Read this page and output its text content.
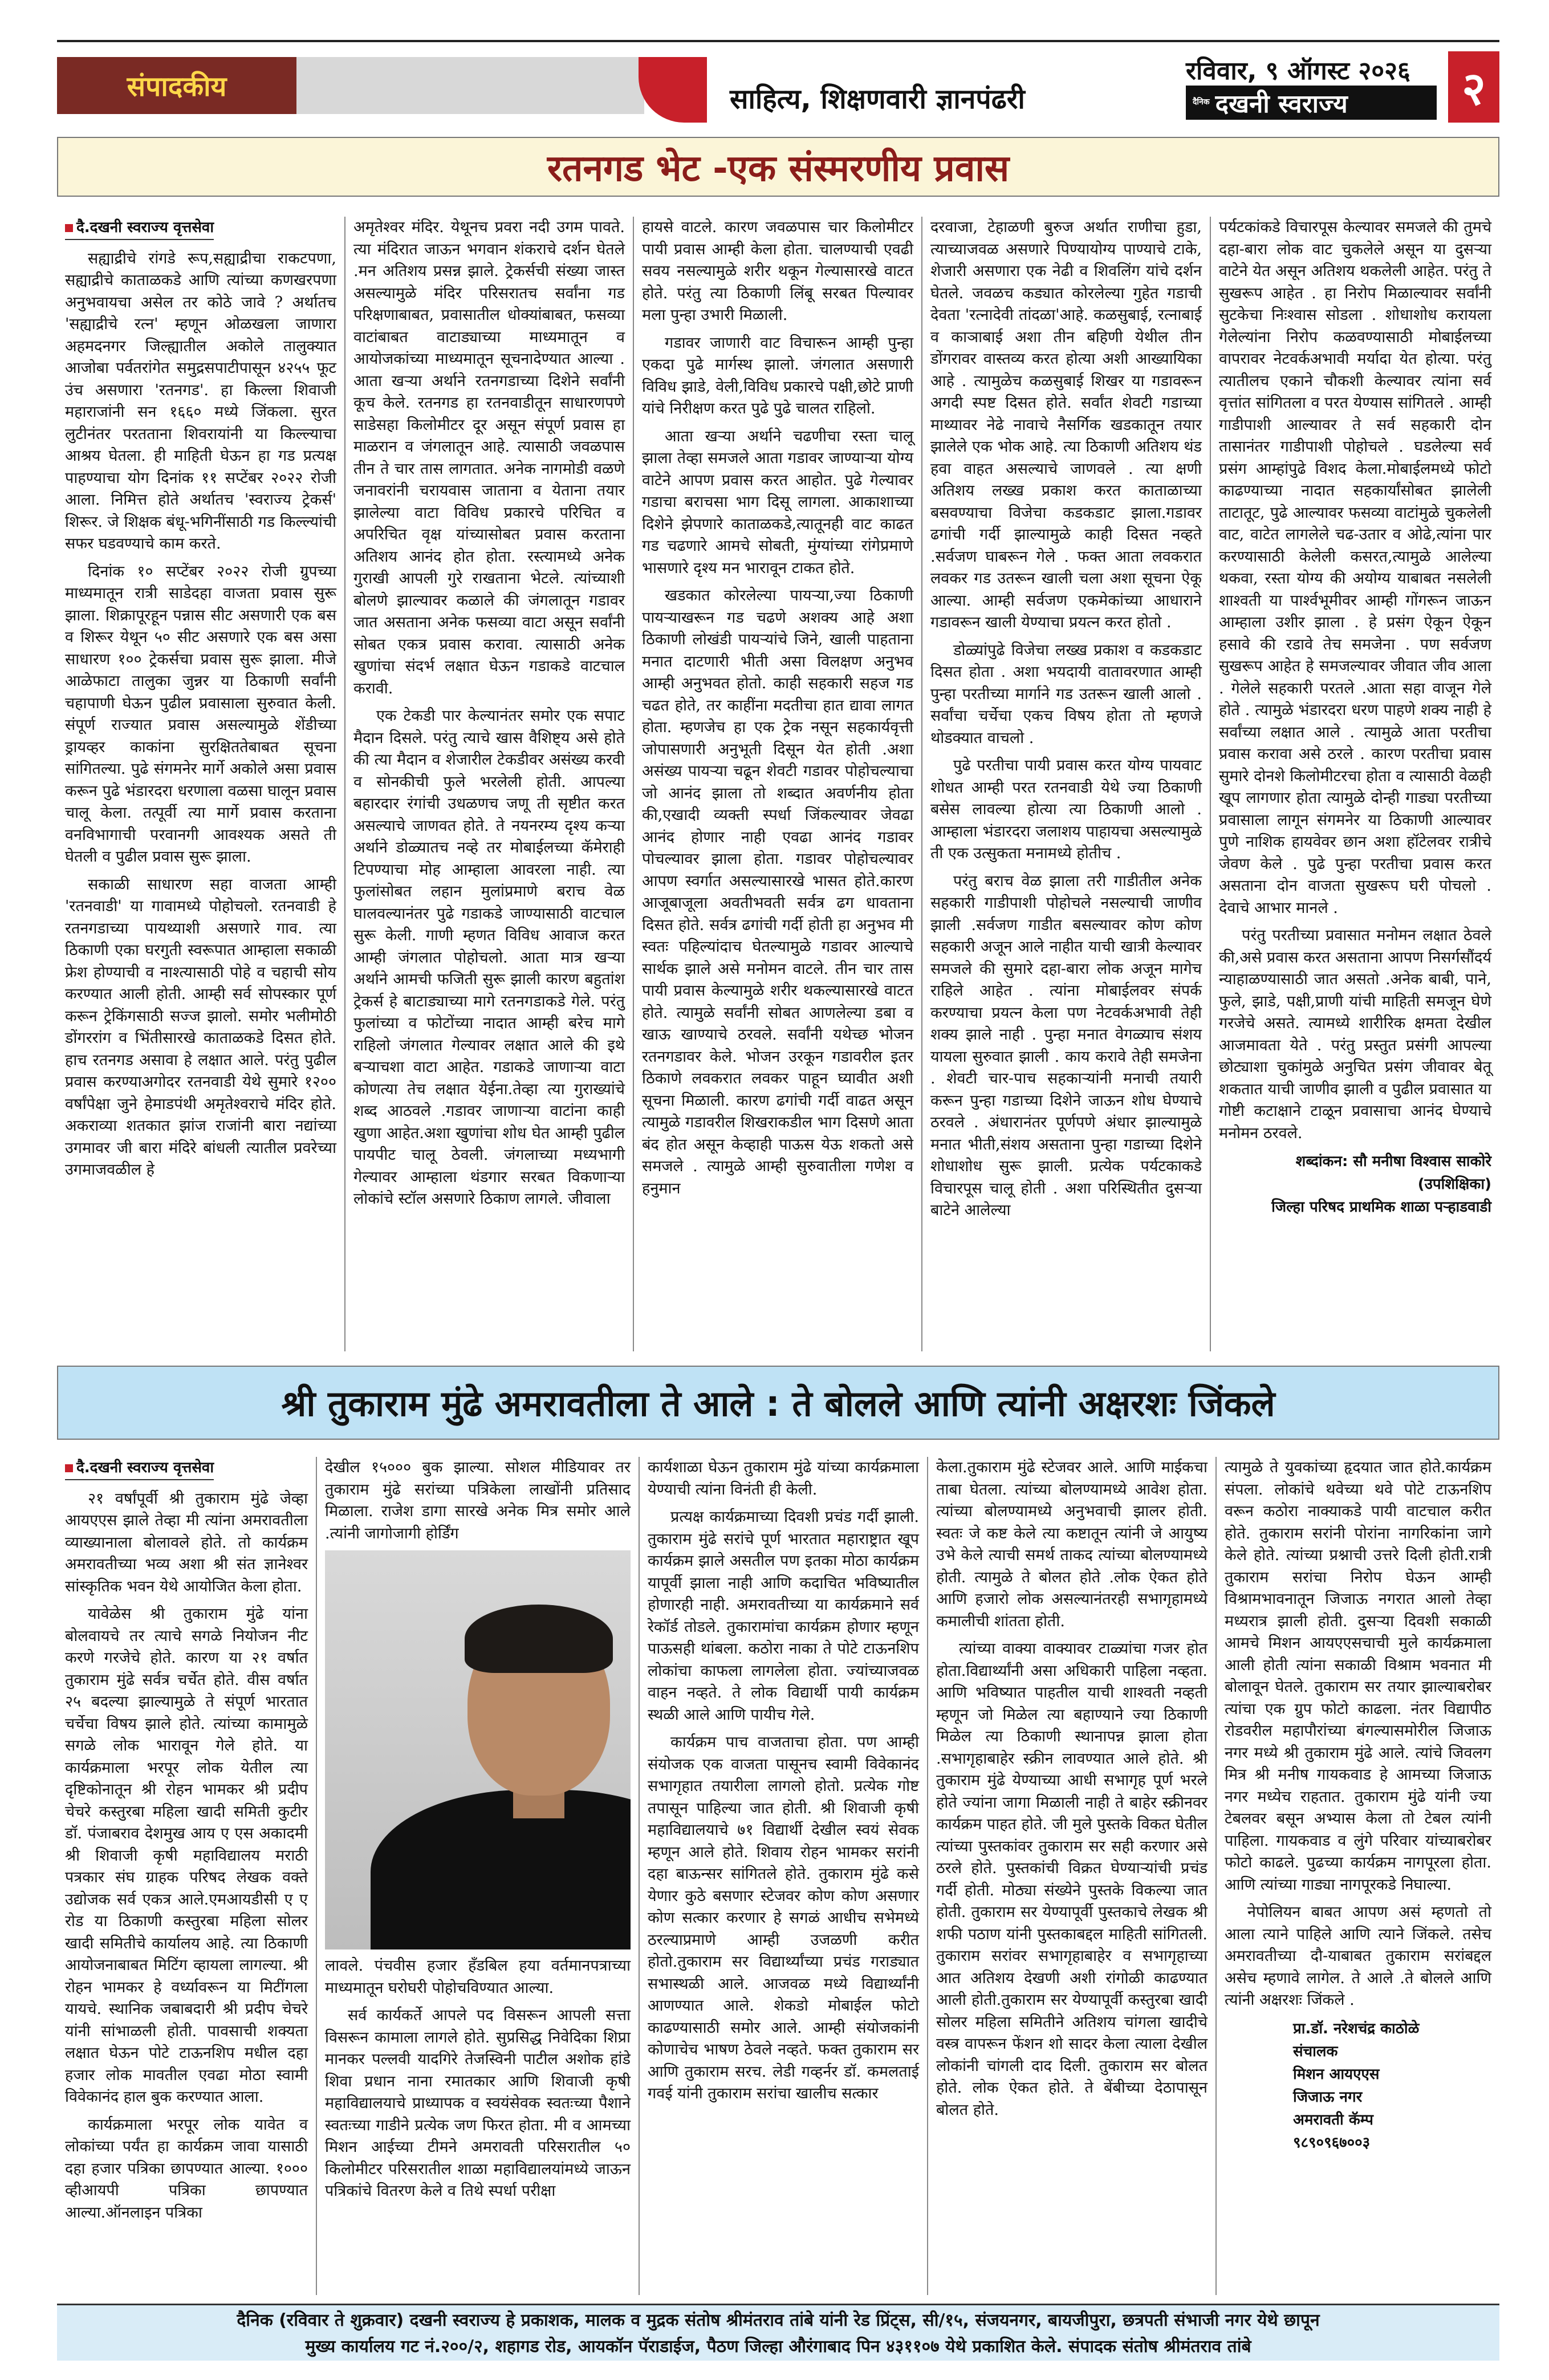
संपादकीय	साहित्य, शिक्षणवारी ज्ञानपंढरी
रविवार, ९ ऑगस्ट २०२६
दैनिक दखनी स्वराज्य	२
रतनगड भेट -एक संस्मरणीय प्रवास
दै.दखनी स्वराज्य वृत्तसेवा

सह्याद्रीचे रांगडे रूप,सह्याद्रीचा राकटपणा, सह्याद्रीचे काताळकडे आणि त्यांच्या कणखरपणा अनुभवायचा असेल तर कोठे जावे ? अर्थातच 'सह्याद्रीचे रत्न' म्हणून ओळखला जाणारा अहमदनगर जिल्ह्यातील अकोले तालुक्यात आजोबा पर्वतरांगेत समुद्रसपाटीपासून ४२५५ फूट उंच असणारा 'रतनगड'. हा किल्ला शिवाजी महाराजांनी सन १६६० मध्ये जिंकला. सुरत लुटीनंतर परतताना शिवरायांनी या किल्ल्याचा आश्रय घेतला. ही माहिती घेऊन हा गड प्रत्यक्ष पाहण्याचा योग दिनांक ११ सप्टेंबर २०२२ रोजी आला. निमित्त होते अर्थातच 'स्वराज्य ट्रेकर्स' शिरूर. जे शिक्षक बंधू-भगिनींसाठी गड किल्ल्यांची सफर घडवण्याचे काम करते.

दिनांक १० सप्टेंबर २०२२ रोजी ग्रुपच्या माध्यमातून रात्री साडेदहा वाजता प्रवास सुरू झाला. शिक्रापूरहून पन्नास सीट असणारी एक बस व शिरूर येथून ५० सीट असणारे एक बस असा साधारण १०० ट्रेकर्सचा प्रवास सुरू झाला. मीजे आळेफाटा तालुका जुन्नर या ठिकाणी सर्वांनी चहापाणी घेऊन पुढील प्रवासाला सुरुवात केली. संपूर्ण राज्यात प्रवास असल्यामुळे शेंडीच्या ड्रायव्हर काकांना सुरक्षिततेबाबत सूचना सांगितल्या. पुढे संगमनेर मार्गे अकोले असा प्रवास करून पुढे भंडारदरा धरणाला वळसा घालून प्रवास चालू केला. तत्पूर्वी त्या मार्गे प्रवास करताना वनविभागाची परवानगी आवश्यक असते ती घेतली व पुढील प्रवास सुरू झाला.

सकाळी साधारण सहा वाजता आम्ही 'रतनवाडी' या गावामध्ये पोहोचलो. रतनवाडी हे रतनगडाच्या पायथ्याशी असणारे गाव. त्या ठिकाणी एका घरगुती स्वरूपात आम्हाला सकाळी फ्रेश होण्याची व नाश्त्यासाठी पोहे व चहाची सोय करण्यात आली होती. आम्ही सर्व सोपस्कार पूर्ण करून ट्रेकिंगसाठी सज्ज झालो. समोर भलीमोठी डोंगररांग व भिंतीसारखे काताळकडे दिसत होते. हाच रतनगड असावा हे लक्षात आले. परंतु पुढील प्रवास करण्याअगोदर रतनवाडी येथे सुमारे १२०० वर्षांपेक्षा जुने हेमाडपंथी अमृतेश्वराचे मंदिर होते. अकराव्या शतकात झांज राजांनी बारा नद्यांच्या उगमावर जी बारा मंदिरे बांधली त्यातील प्रवरेच्या उगमाजवळील हे

अमृतेश्वर मंदिर. येथूनच प्रवरा नदी उगम पावते. त्या मंदिरात जाऊन भगवान शंकराचे दर्शन घेतले .मन अतिशय प्रसन्न झाले. ट्रेकर्सची संख्या जास्त असल्यामुळे मंदिर परिसरातच सर्वांना गड परिक्षणाबाबत, प्रवासातील धोक्यांबाबत, फसव्या वाटांबाबत वाटाड्याच्या माध्यमातून व आयोजकांच्या माध्यमातून सूचनादेण्यात आल्या . आता खऱ्या अर्थाने रतनगडाच्या दिशेने सर्वांनी कूच केले. रतनगड हा रतनवाडीतून साधारणपणे साडेसहा किलोमीटर दूर असून संपूर्ण प्रवास हा माळरान व जंगलातून आहे. त्यासाठी जवळपास तीन ते चार तास लागतात. अनेक नागमोडी वळणे जनावरांनी चरायवास जाताना व येताना तयार झालेल्या वाटा विविध प्रकारचे परिचित व अपरिचित वृक्ष यांच्यासोबत प्रवास करताना अतिशय आनंद होत होता. रस्त्यामध्ये अनेक गुराखी आपली गुरे राखताना भेटले. त्यांच्याशी बोलणे झाल्यावर कळाले की जंगलातून गडावर जात असताना अनेक फसव्या वाटा असून सर्वांनी सोबत एकत्र प्रवास करावा. त्यासाठी अनेक खुणांचा संदर्भ लक्षात घेऊन गडाकडे वाटचाल करावी.

एक टेकडी पार केल्यानंतर समोर एक सपाट मैदान दिसले. परंतु त्याचे खास वैशिष्ट्य असे होते की त्या मैदान व शेजारील टेकडीवर असंख्य करवी व सोनकीची फुले भरलेली होती. आपल्या बहारदार रंगांची उधळणच जणू ती सृष्टीत करत असल्याचे जाणवत होते. ते नयनरम्य दृश्य कऱ्या अर्थाने डोळ्यातच नव्हे तर मोबाईलच्या कॅमेराही टिपण्याचा मोह आम्हाला आवरला नाही. त्या फुलांसोबत लहान मुलांप्रमाणे बराच वेळ घालवल्यानंतर पुढे गडाकडे जाण्यासाठी वाटचाल सुरू केली. गाणी म्हणत विविध आवाज करत आम्ही जंगलात पोहोचलो. आता मात्र खऱ्या अर्थाने आमची फजिती सुरू झाली कारण बहुतांश ट्रेकर्स हे बाटाड्याच्या मागे रतनगडाकडे गेले. परंतु फुलांच्या व फोटोंच्या नादात आम्ही बरेच मागे राहिलो जंगलात गेल्यावर लक्षात आले की इथे बऱ्याचशा वाटा आहेत. गडाकडे जाणाऱ्या वाटा कोणत्या तेच लक्षात येईना.तेव्हा त्या गुराख्यांचे शब्द आठवले .गडावर जाणाऱ्या वाटांना काही खुणा आहेत.अशा खुणांचा शोध घेत आम्ही पुढील पायपीट चालू ठेवली. जंगलाच्या मध्यभागी गेल्यावर आम्हाला थंडगार सरबत विकणाऱ्या लोकांचे स्टॉल असणारे ठिकाण लागले. जीवाला

हायसे वाटले. कारण जवळपास चार किलोमीटर पायी प्रवास आम्ही केला होता. चालण्याची एवढी सवय नसल्यामुळे शरीर थकून गेल्यासारखे वाटत होते. परंतु त्या ठिकाणी लिंबू सरबत पिल्यावर मला पुन्हा उभारी मिळाली.

गडावर जाणारी वाट विचारून आम्ही पुन्हा एकदा पुढे मार्गस्थ झालो. जंगलात असणारी विविध झाडे, वेली,विविध प्रकारचे पक्षी,छोटे प्राणी यांचे निरीक्षण करत पुढे पुढे चालत राहिलो.

आता खऱ्या अर्थाने चढणीचा रस्ता चालू झाला तेव्हा समजले आता गडावर जाण्याऱ्या योग्य वाटेने आपण प्रवास करत आहोत. पुढे गेल्यावर गडाचा बराचसा भाग दिसू लागला. आकाशाच्या दिशेने झेपणारे काताळकडे,त्यातूनही वाट काढत गड चढणारे आमचे सोबती, मुंग्यांच्या रांगेप्रमाणे भासणारे दृश्य मन भारावून टाकत होते.

खडकात कोरलेल्या पायऱ्या,ज्या ठिकाणी पायऱ्याखरून गड चढणे अशक्य आहे अशा ठिकाणी लोखंडी पायऱ्यांचे जिने, खाली पाहताना मनात दाटणारी भीती असा विलक्षण अनुभव आम्ही अनुभवत होतो. काही सहकारी सहज गड चढत होते, तर काहींना मदतीचा हात द्यावा लागत होता. म्हणजेच हा एक ट्रेक नसून सहकार्यवृत्ती जोपासणारी अनुभूती दिसून येत होती .अशा असंख्य पायऱ्या चढून शेवटी गडावर पोहोचल्याचा जो आनंद झाला तो शब्दात अवर्णनीय होता की,एखादी व्यक्ती स्पर्धा जिंकल्यावर जेवढा आनंद होणार नाही एवढा आनंद गडावर पोचल्यावर झाला होता. गडावर पोहोचल्यावर आपण स्वर्गात असल्यासारखे भासत होते.कारण आजूबाजूला अवतीभवती सर्वत्र ढग धावताना दिसत होते. सर्वत्र ढगांची गर्दी होती हा अनुभव मी स्वतः पहिल्यांदाच घेतल्यामुळे गडावर आल्याचे सार्थक झाले असे मनोमन वाटले. तीन चार तास पायी प्रवास केल्यामुळे शरीर थकल्यासारखे वाटत होते. त्यामुळे सर्वांनी सोबत आणलेल्या डबा व खाऊ खाण्याचे ठरवले. सर्वांनी यथेच्छ भोजन रतनगडावर केले. भोजन उरकून गडावरील इतर ठिकाणे लवकरात लवकर पाहून घ्यावीत अशी सूचना मिळाली. कारण ढगांची गर्दी वाढत असून त्यामुळे गडावरील शिखराकडील भाग दिसणे आता बंद होत असून केव्हाही पाऊस येऊ शकतो असे समजले . त्यामुळे आम्ही सुरुवातीला गणेश व हनुमान

दरवाजा, टेहाळणी बुरुज अर्थात राणीचा हुडा, त्याच्याजवळ असणारे पिण्यायोग्य पाण्याचे टाके, शेजारी असणारा एक नेढी व शिवलिंग यांचे दर्शन घेतले. जवळच कड्यात कोरलेल्या गुहेत गडाची देवता 'रत्नादेवी तांदळा'आहे. कळसुबाई, रत्नाबाई व काञाबाई अशा तीन बहिणी येथील तीन डोंगरावर वास्तव्य करत होत्या अशी आख्यायिका आहे . त्यामुळेच कळसुबाई शिखर या गडावरून अगदी स्पष्ट दिसत होते. सर्वांत शेवटी गडाच्या माथ्यावर नेढे नावाचे नैसर्गिक खडकातून तयार झालेले एक भोक आहे. त्या ठिकाणी अतिशय थंड हवा वाहत असल्याचे जाणवले . त्या क्षणी अतिशय लख्ख प्रकाश करत काताळाच्या बसवण्याचा विजेचा कडकडाट झाला.गडावर ढगांची गर्दी झाल्यामुळे काही दिसत नव्हते .सर्वजण घाबरून गेले . फक्त आता लवकरात लवकर गड उतरून खाली चला अशा सूचना ऐकू आल्या. आम्ही सर्वजण एकमेकांच्या आधाराने गडावरून खाली येण्याचा प्रयत्न करत होतो .

डोळ्यांपुढे विजेचा लख्ख प्रकाश व कडकडाट दिसत होता . अशा भयदायी वातावरणात आम्ही पुन्हा परतीच्या मार्गाने गड उतरून खाली आलो . सर्वांचा चर्चेचा एकच विषय होता तो म्हणजे थोडक्यात वाचलो .

पुढे परतीचा पायी प्रवास करत योग्य पायवाट शोधत आम्ही परत रतनवाडी येथे ज्या ठिकाणी बसेस लावल्या होत्या त्या ठिकाणी आलो . आम्हाला भंडारदरा जलाशय पाहायचा असल्यामुळे ती एक उत्सुकता मनामध्ये होतीच .

परंतु बराच वेळ झाला तरी गाडीतील अनेक सहकारी गाडीपाशी पोहोचले नसल्याची जाणीव झाली .सर्वजण गाडीत बसल्यावर कोण कोण सहकारी अजून आले नाहीत याची खात्री केल्यावर समजले की सुमारे दहा-बारा लोक अजून मागेच राहिले आहेत . त्यांना मोबाईलवर संपर्क करण्याचा प्रयत्न केला पण नेटवर्कअभावी तेही शक्य झाले नाही . पुन्हा मनात वेगळ्याच संशय यायला सुरुवात झाली . काय करावे तेही समजेना . शेवटी चार-पाच सहकाऱ्यांनी मनाची तयारी करून पुन्हा गडाच्या दिशेने जाऊन शोध घेण्याचे ठरवले . अंधारानंतर पूर्णपणे अंधार झाल्यामुळे मनात भीती,संशय असताना पुन्हा गडाच्या दिशेने शोधाशोध सुरू झाली. प्रत्येक पर्यटकाकडे विचारपूस चालू होती . अशा परिस्थितीत दुसऱ्या बाटेने आलेल्या

पर्यटकांकडे विचारपूस केल्यावर समजले की तुमचे दहा-बारा लोक वाट चुकलेले असून या दुसऱ्या वाटेने येत असून अतिशय थकलेली आहेत. परंतु ते सुखरूप आहेत . हा निरोप मिळाल्यावर सर्वांनी सुटकेचा निःश्वास सोडला . शोधाशोध करायला गेलेल्यांना निरोप कळवण्यासाठी मोबाईलच्या वापरावर नेटवर्कअभावी मर्यादा येत होत्या. परंतु त्यातीलच एकाने चौकशी केल्यावर त्यांना सर्व वृत्तांत सांगितला व परत येण्यास सांगितले . आम्ही गाडीपाशी आल्यावर ते सर्व सहकारी दोन तासानंतर गाडीपाशी पोहोचले . घडलेल्या सर्व प्रसंग आम्हांपुढे विशद केला.मोबाईलमध्ये फोटो काढण्याच्या नादात सहकार्यांसोबत झालेली ताटातूट, पुढे आल्यावर फसव्या वाटांमुळे चुकलेली वाट, वाटेत लागलेले चढ-उतार व ओढे,त्यांना पार करण्यासाठी केलेली कसरत,त्यामुळे आलेल्या थकवा, रस्ता योग्य की अयोग्य याबाबत नसलेली शाश्वती या पार्श्वभूमीवर आम्ही गोंगरून जाऊन आम्हाला उशीर झाला . हे प्रसंग ऐकून ऐकून हसावे की रडावे तेच समजेना . पण सर्वजण सुखरूप आहेत हे समजल्यावर जीवात जीव आला . गेलेले सहकारी परतले .आता सहा वाजून गेले होते . त्यामुळे भंडारदरा धरण पाहणे शक्य नाही हे सर्वांच्या लक्षात आले . त्यामुळे आता परतीचा प्रवास करावा असे ठरले . कारण परतीचा प्रवास सुमारे दोनशे किलोमीटरचा होता व त्यासाठी वेळही खूप लागणार होता त्यामुळे दोन्ही गाड्या परतीच्या प्रवासाला लागून संगमनेर या ठिकाणी आल्यावर पुणे नाशिक हायवेवर छान अशा हॉटेलवर रात्रीचे जेवण केले . पुढे पुन्हा परतीचा प्रवास करत असताना दोन वाजता सुखरूप घरी पोचलो . देवाचे आभार मानले .

परंतु परतीच्या प्रवासात मनोमन लक्षात ठेवले की,असे प्रवास करत असताना आपण निसर्गसौंदर्य न्याहाळण्यासाठी जात असतो .अनेक बाबी, पाने, फुले, झाडे, पक्षी,प्राणी यांची माहिती समजून घेणे गरजेचे असते. त्यामध्ये शारीरिक क्षमता देखील आजमावता येते . परंतु प्रस्तुत प्रसंगी आपल्या छोट्याशा चुकांमुळे अनुचित प्रसंग जीवावर बेतू शकतात याची जाणीव झाली व पुढील प्रवासात या गोष्टी कटाक्षाने टाळून प्रवासाचा आनंद घेण्याचे मनोमन ठरवले.

शब्दांकन: सौ मनीषा विश्वास साकोरे
(उपशिक्षिका)
जिल्हा परिषद प्राथमिक शाळा पऱ्हाडवाडी
श्री तुकाराम मुंढे अमरावतीला ते आले : ते बोलले आणि त्यांनी अक्षरशः जिंकले
दै.दखनी स्वराज्य वृत्तसेवा

२१ वर्षांपूर्वी श्री तुकाराम मुंढे जेव्हा आयएएस झाले तेव्हा मी त्यांना अमरावतीला व्याख्यानाला बोलावले होते. तो कार्यक्रम अमरावतीच्या भव्य अशा श्री संत ज्ञानेश्वर सांस्कृतिक भवन येथे आयोजित केला होता.

यावेळेस श्री तुकाराम मुंढे यांना बोलवायचे तर त्याचे सगळे नियोजन नीट करणे गरजेचे होते. कारण या २१ वर्षात तुकाराम मुंढे सर्वत्र चर्चेत होते. वीस वर्षात २५ बदल्या झाल्यामुळे ते संपूर्ण भारतात चर्चेचा विषय झाले होते. त्यांच्या कामामुळे सगळे लोक भारावून गेले होते. या कार्यक्रमाला भरपूर लोक येतील त्या दृष्टिकोनातून श्री रोहन भामकर श्री प्रदीप चेचरे कस्तुरबा महिला खादी समिती कुटीर डॉ. पंजाबराव देशमुख आय ए एस अकादमी श्री शिवाजी कृषी महाविद्यालय मराठी पत्रकार संघ ग्राहक परिषद लेखक वक्ते उद्योजक सर्व एकत्र आले.एमआयडीसी ए ए रोड या ठिकाणी कस्तुरबा महिला सोलर खादी समितीचे कार्यालय आहे. त्या ठिकाणी आयोजनाबाबत मिटिंग व्हायला लागल्या. श्री रोहन भामकर हे वर्ध्यावरून या मिटींगला यायचे. स्थानिक जबाबदारी श्री प्रदीप चेचरे यांनी सांभाळली होती. पावसाची शक्यता लक्षात घेऊन पोटे टाऊनशिप मधील दहा हजार लोक मावतील एवढा मोठा स्वामी विवेकानंद हाल बुक करण्यात आला.

कार्यक्रमाला भरपूर लोक यावेत व लोकांच्या पर्यंत हा कार्यक्रम जावा यासाठी दहा हजार पत्रिका छापण्यात आल्या. १००० व्हीआयपी पत्रिका छापण्यात आल्या.ऑनलाइन पत्रिका

देखील १५००० बुक झाल्या. सोशल मीडियावर तर तुकाराम मुंढे सरांच्या पत्रिकेला लाखोंनी प्रतिसाद मिळाला. राजेश डागा सारखे अनेक मित्र समोर आले .त्यांनी जागोजागी होर्डिंग

लावले. पंचवीस हजार हॅंडबिल हया वर्तमानपत्राच्या माध्यमातून घरोघरी पोहोचविण्यात आल्या.

सर्व कार्यकर्ते आपले पद विसरून आपली सत्ता विसरून कामाला लागले होते. सुप्रसिद्ध निवेदिका शिप्रा मानकर पल्लवी यादगिरे तेजस्विनी पाटील अशोक हांडे शिवा प्रधान नाना रमातकार आणि शिवाजी कृषी महाविद्यालयाचे प्राध्यापक व स्वयंसेवक स्वतःच्या पैशाने स्वतःच्या गाडीने प्रत्येक जण फिरत होता. मी व आमच्या मिशन आईच्या टीमने अमरावती परिसरातील ५० किलोमीटर परिसरातील शाळा महाविद्यालयांमध्ये जाऊन पत्रिकांचे वितरण केले व तिथे स्पर्धा परीक्षा

कार्यशाळा घेऊन तुकाराम मुंढे यांच्या कार्यक्रमाला येण्याची त्यांना विनंती ही केली.

प्रत्यक्ष कार्यक्रमाच्या दिवशी प्रचंड गर्दी झाली. तुकाराम मुंढे सरांचे पूर्ण भारतात महाराष्ट्रात खूप कार्यक्रम झाले असतील पण इतका मोठा कार्यक्रम यापूर्वी झाला नाही आणि कदाचित भविष्यातील होणारही नाही. अमरावतीच्या या कार्यक्रमाने सर्व रेकॉर्ड तोडले. तुकारामांचा कार्यक्रम होणार म्हणून पाऊसही थांबला. कठोरा नाका ते पोटे टाऊनशिप लोकांचा काफला लागलेला होता. ज्यांच्याजवळ वाहन नव्हते. ते लोक विद्यार्थी पायी कार्यक्रम स्थळी आले आणि पायीच गेले.

कार्यक्रम पाच वाजताचा होता. पण आम्ही संयोजक एक वाजता पासूनच स्वामी विवेकानंद सभागृहात तयारीला लागलो होतो. प्रत्येक गोष्ट तपासून पाहिल्या जात होती. श्री शिवाजी कृषी महाविद्यालयाचे ७१ विद्यार्थी देखील स्वयं सेवक म्हणून आले होते. शिवाय रोहन भामकर सरांनी दहा बाऊन्सर सांगितले होते. तुकाराम मुंढे कसे येणार कुठे बसणार स्टेजवर कोण कोण असणार कोण सत्कार करणार हे सगळं आधीच सभेमध्ये ठरल्याप्रमाणे आम्ही उजळणी करीत होतो.तुकाराम सर विद्यार्थ्यांच्या प्रचंड गराड्यात सभास्थळी आले. आजवळ मध्ये विद्यार्थ्यांनी आणण्यात आले. शेकडो मोबाईल फोटो काढण्यासाठी समोर आले. आम्ही संयोजकांनी कोणाचेच भाषण ठेवले नव्हते. फक्त तुकाराम सर आणि तुकाराम सरच. लेडी गव्हर्नर डॉ. कमलताई गवई यांनी तुकाराम सरांचा खालीच सत्कार

केला.तुकाराम मुंढे स्टेजवर आले. आणि माईकचा ताबा घेतला. त्यांच्या बोलण्यामध्ये आवेश होता. त्यांच्या बोलण्यामध्ये अनुभवाची झालर होती. स्वतः जे कष्ट केले त्या कष्टातून त्यांनी जे आयुष्य उभे केले त्याची समर्थ ताकद त्यांच्या बोलण्यामध्ये होती. त्यामुळे ते बोलत होते .लोक ऐकत होते आणि हजारो लोक असल्यानंतरही सभागृहामध्ये कमालीची शांतता होती.

त्यांच्या वाक्या वाक्यावर टाळ्यांचा गजर होत होता.विद्यार्थ्यांनी असा अधिकारी पाहिला नव्हता. आणि भविष्यात पाहतील याची शाश्वती नव्हती म्हणून जो मिळेल त्या बहाण्याने ज्या ठिकाणी मिळेल त्या ठिकाणी स्थानापन्न झाला होता .सभागृहाबाहेर स्क्रीन लावण्यात आले होते. श्री तुकाराम मुंढे येण्याच्या आधी सभागृह पूर्ण भरले होते ज्यांना जागा मिळाली नाही ते बाहेर स्क्रीनवर कार्यक्रम पाहत होते. जी मुले पुस्तके विकत घेतील त्यांच्या पुस्तकांवर तुकाराम सर सही करणार असे ठरले होते. पुस्तकांची विक्रत घेण्याऱ्यांची प्रचंड गर्दी होती. मोठ्या संख्येने पुस्तके विकल्या जात होती. तुकाराम सर येण्यापूर्वी पुस्तकाचे लेखक श्री शफी पठाण यांनी पुस्तकाबद्दल माहिती सांगितली. तुकाराम सरांवर सभागृहाबाहेर व सभागृहाच्या आत अतिशय देखणी अशी रांगोळी काढण्यात आली होती.तुकाराम सर येण्यापूर्वी कस्तुरबा खादी सोलर महिला समितीने अतिशय चांगला खादीचे वस्त्र वापरून फेंशन शो सादर केला त्याला देखील लोकांनी चांगली दाद दिली. तुकाराम सर बोलत होते. लोक ऐकत होते. ते बेंबीच्या देठापासून बोलत होते.

त्यामुळे ते युवकांच्या हृदयात जात होते.कार्यक्रम संपला. लोकांचे थवेच्या थवे पोटे टाऊनशिप वरून कठोरा नाक्याकडे पायी वाटचाल करीत होते. तुकाराम सरांनी पोरांना नागरिकांना जागे केले होते. त्यांच्या प्रश्नाची उत्तरे दिली होती.रात्री तुकाराम सरांचा निरोप घेऊन आम्ही विश्रामभावनातून जिजाऊ नगरात आलो तेव्हा मध्यरात्र झाली होती. दुसऱ्या दिवशी सकाळी आमचे मिशन आयएएसचाची मुले कार्यक्रमाला आली होती त्यांना सकाळी विश्राम भवनात मी बोलावून घेतले. तुकाराम सर तयार झाल्याबरोबर त्यांचा एक ग्रुप फोटो काढला. नंतर विद्यापीठ रोडवरील महापौरांच्या बंगल्यासमोरील जिजाऊ नगर मध्ये श्री तुकाराम मुंढे आले. त्यांचे जिवलग मित्र श्री मनीष गायकवाड हे आमच्या जिजाऊ नगर मध्येच राहतात. तुकाराम मुंढे यांनी ज्या टेबलवर बसून अभ्यास केला तो टेबल त्यांनी पाहिला. गायकवाड व लुंगे परिवार यांच्याबरोबर फोटो काढले. पुढच्या कार्यक्रम नागपूरला होता. आणि त्यांच्या गाड्या नागपूरकडे निघाल्या.

नेपोलियन बाबत आपण असं म्हणतो तो आला त्याने पाहिले आणि त्याने जिंकले. तसेच अमरावतीच्या दौ-याबाबत तुकाराम सरांबद्दल असेच म्हणावे लागेल. ते आले .ते बोलले आणि त्यांनी अक्षरशः जिंकले .

प्रा.डॉ. नरेशचंद्र काठोळे
संचालक
मिशन आयएएस
जिजाऊ नगर
अमरावती कॅम्प
९८९०९६७००३
दैनिक (रविवार ते शुक्रवार) दखनी स्वराज्य हे प्रकाशक, मालक व मुद्रक संतोष श्रीमंतराव तांबे यांनी रेड प्रिंट्स, सी/१५, संजयनगर, बायजीपुरा, छत्रपती संभाजी नगर येथे छापून
मुख्य कार्यालय गट नं.२००/२, शहागड रोड, आयकॉन पॅराडाईज, पैठण जिल्हा औरंगाबाद पिन ४३११०७ येथे प्रकाशित केले. संपादक संतोष श्रीमंतराव तांबे
